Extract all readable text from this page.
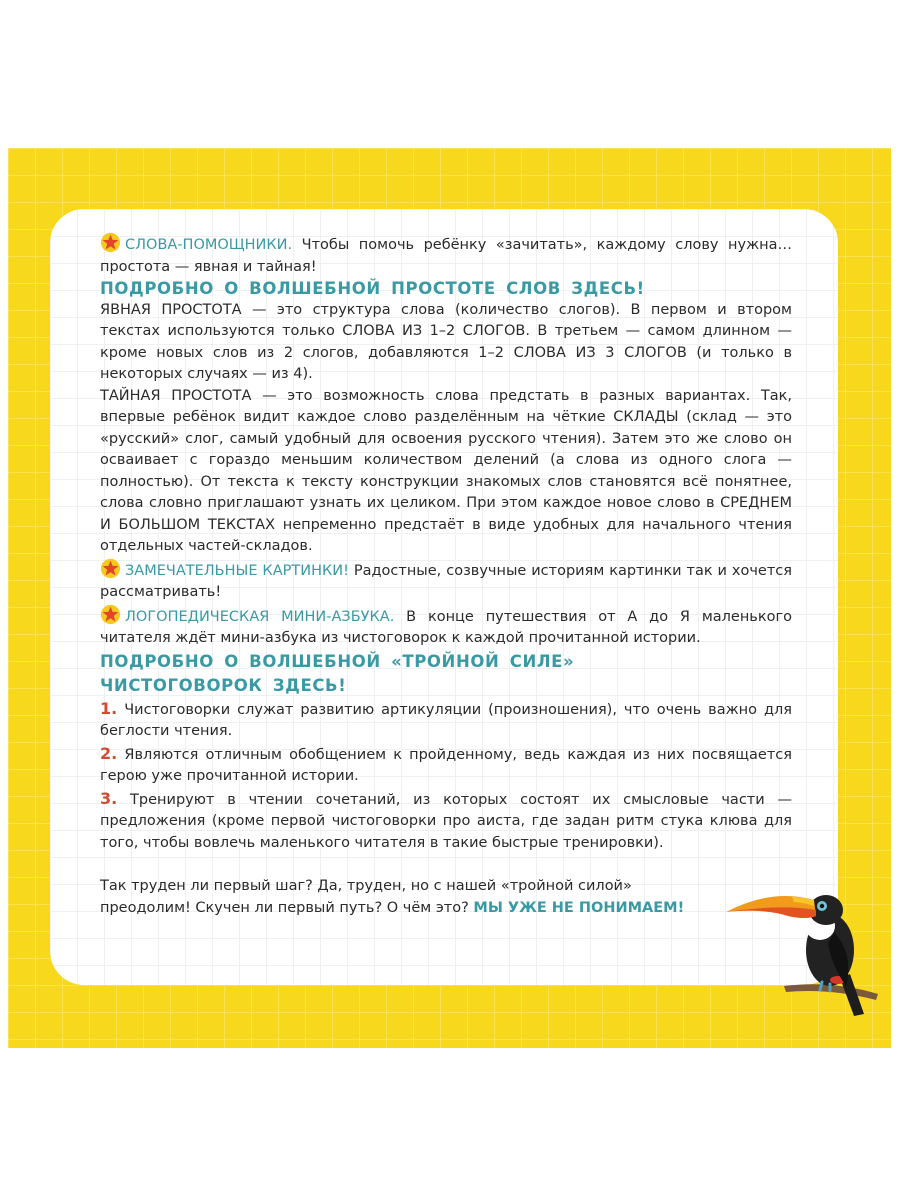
СЛОВА-ПОМОЩНИКИ. Чтобы помочь ребёнку «зачитать», каждому слову нужна… простота — явная и тайная!

ПОДРОБНО О ВОЛШЕБНОЙ ПРОСТОТЕ СЛОВ ЗДЕСЬ!

ЯВНАЯ ПРОСТОТА — это структура слова (количество слогов). В первом и втором текстах используются только СЛОВА ИЗ 1–2 СЛОГОВ. В третьем — самом длинном — кроме новых слов из 2 слогов, добавляются 1–2 СЛОВА ИЗ 3 СЛОГОВ (и только в некоторых случаях — из 4).

ТАЙНАЯ ПРОСТОТА — это возможность слова предстать в разных вариантах. Так, впервые ребёнок видит каждое слово разделённым на чёткие СКЛАДЫ (склад — это «русский» слог, самый удобный для освоения русского чтения). Затем это же слово он осваивает с гораздо меньшим количеством делений (а слова из одного слога — полностью). От текста к тексту конструкции знакомых слов становятся всё понятнее, слова словно приглашают узнать их целиком. При этом каждое новое слово в СРЕДНЕМ И БОЛЬШОМ ТЕКСТАХ непременно предстаёт в виде удобных для начального чтения отдельных частей-складов.

ЗАМЕЧАТЕЛЬНЫЕ КАРТИНКИ! Радостные, созвучные историям картинки так и хочется рассматривать!

ЛОГОПЕДИЧЕСКАЯ МИНИ-АЗБУКА. В конце путешествия от А до Я маленького читателя ждёт мини-азбука из чистоговорок к каждой прочитанной истории.

ПОДРОБНО О ВОЛШЕБНОЙ «ТРОЙНОЙ СИЛЕ»
ЧИСТОГОВОРОК ЗДЕСЬ!

1. Чистоговорки служат развитию артикуляции (произношения), что очень важно для беглости чтения.

2. Являются отличным обобщением к пройденному, ведь каждая из них посвящается герою уже прочитанной истории.

3. Тренируют в чтении сочетаний, из которых состоят их смысловые части — предложения (кроме первой чистоговорки про аиста, где задан ритм стука клюва для того, чтобы вовлечь маленького читателя в такие быстрые тренировки).

Так труден ли первый шаг? Да, труден, но с нашей «тройной силой» преодолим! Скучен ли первый путь? О чём это? МЫ УЖЕ НЕ ПОНИМАЕМ!
